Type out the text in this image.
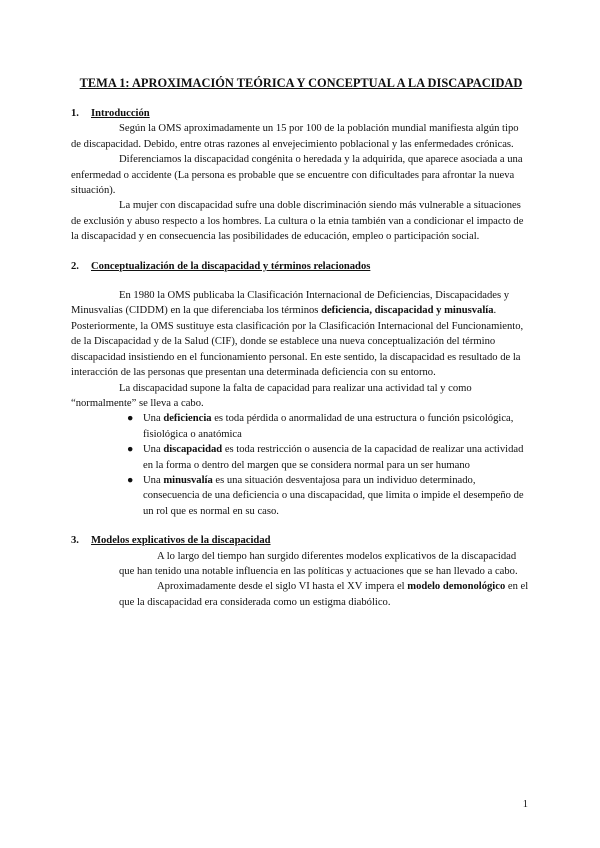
TEMA 1: APROXIMACIÓN TEÓRICA Y CONCEPTUAL A LA DISCAPACIDAD
1. Introducción

Según la OMS aproximadamente un 15 por 100 de la población mundial manifiesta algún tipo de discapacidad. Debido, entre otras razones al envejecimiento poblacional y las enfermedades crónicas.

Diferenciamos la discapacidad congénita o heredada y la adquirida, que aparece asociada a una enfermedad o accidente (La persona es probable que se encuentre con dificultades para afrontar la nueva situación).

La mujer con discapacidad sufre una doble discriminación siendo más vulnerable a situaciones de exclusión y abuso respecto a los hombres. La cultura o la etnia también van a condicionar el impacto de la discapacidad y en consecuencia las posibilidades de educación, empleo o participación social.

2. Conceptualización de la discapacidad y términos relacionados

En 1980 la OMS publicaba la Clasificación Internacional de Deficiencias, Discapacidades y Minusvalías (CIDDM) en la que diferenciaba los términos deficiencia, discapacidad y minusvalía. Posteriormente, la OMS sustituye esta clasificación por la Clasificación Internacional del Funcionamiento, de la Discapacidad y de la Salud (CIF), donde se establece una nueva conceptualización del término discapacidad insistiendo en el funcionamiento personal. En este sentido, la discapacidad es resultado de la interacción de las personas que presentan una determinada deficiencia con su entorno.

La discapacidad supone la falta de capacidad para realizar una actividad tal y como “normalmente” se lleva a cabo.

● Una deficiencia es toda pérdida o anormalidad de una estructura o función psicológica, fisiológica o anatómica
● Una discapacidad es toda restricción o ausencia de la capacidad de realizar una actividad en la forma o dentro del margen que se considera normal para un ser humano
● Una minusvalía es una situación desventajosa para un individuo determinado, consecuencia de una deficiencia o una discapacidad, que limita o impide el desempeño de un rol que es normal en su caso.
3. Modelos explicativos de la discapacidad

A lo largo del tiempo han surgido diferentes modelos explicativos de la discapacidad que han tenido una notable influencia en las políticas y actuaciones que se han llevado a cabo.

Aproximadamente desde el siglo VI hasta el XV impera el modelo demonológico en el que la discapacidad era considerada como un estigma diabólico.

1
